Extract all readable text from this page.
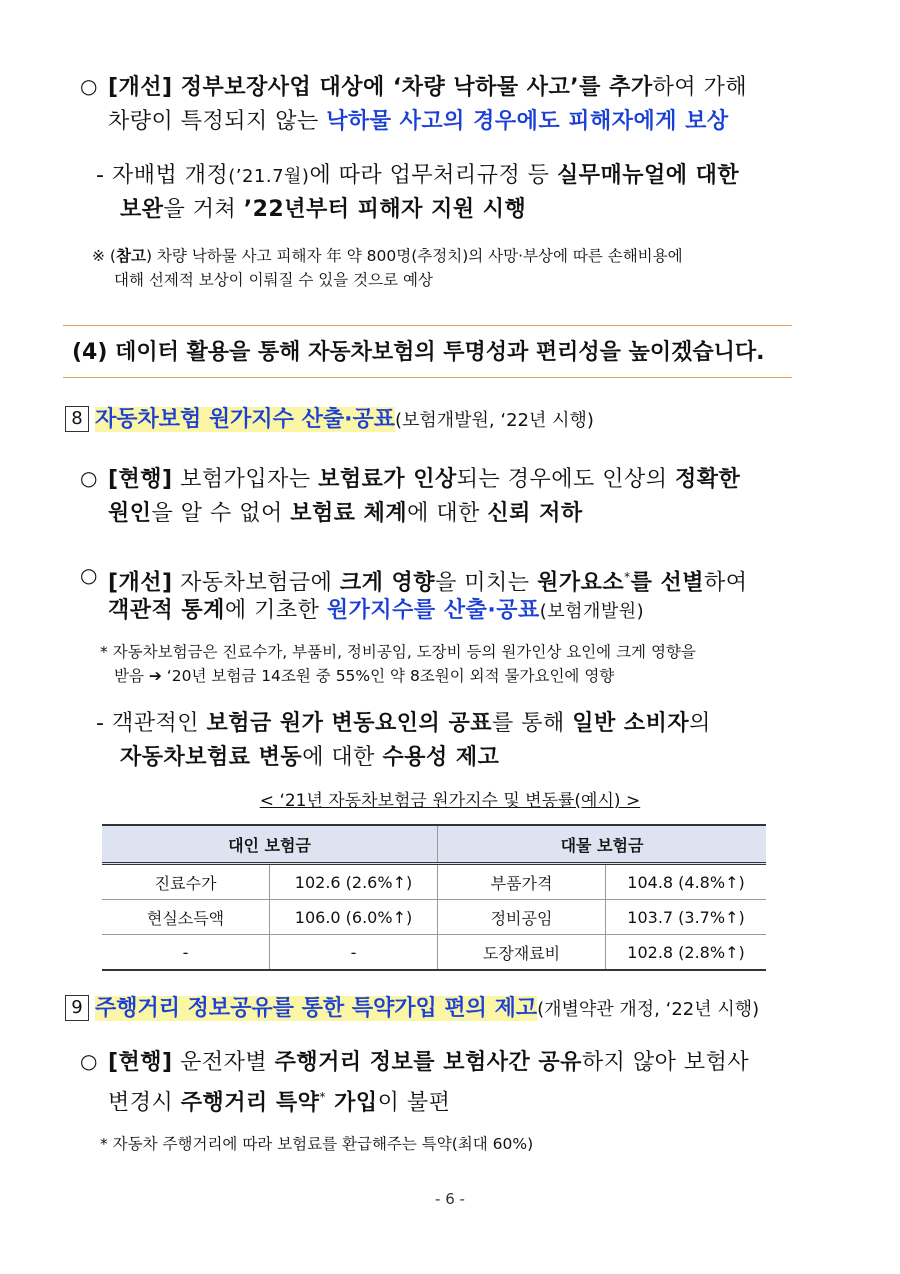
○ [개선] 정부보장사업 대상에 ‘차량 낙하물 사고’를 추가하여 가해
차량이 특정되지 않는 낙하물 사고의 경우에도 피해자에게 보상
- 자배법 개정(’21.7월)에 따라 업무처리규정 등 실무매뉴얼에 대한
보완을 거쳐 ’22년부터 피해자 지원 시행
※ (참고) 차량 낙하물 사고 피해자 年 약 800명(추정치)의 사망·부상에 따른 손해비용에
대해 선제적 보상이 이뤄질 수 있을 것으로 예상
(4) 데이터 활용을 통해 자동차보험의 투명성과 편리성을 높이겠습니다.
8 자동차보험 원가지수 산출·공표(보험개발원, ‘22년 시행)
○ [현행] 보험가입자는 보험료가 인상되는 경우에도 인상의 정확한
원인을 알 수 없어 보험료 체계에 대한 신뢰 저하
○ [개선] 자동차보험금에 크게 영향을 미치는 원가요소*를 선별하여
객관적 통계에 기초한 원가지수를 산출·공표(보험개발원)
* 자동차보험금은 진료수가, 부품비, 정비공임, 도장비 등의 원가인상 요인에 크게 영향을
받음 ➔ ‘20년 보험금 14조원 중 55%인 약 8조원이 외적 물가요인에 영향
- 객관적인 보험금 원가 변동요인의 공표를 통해 일반 소비자의
자동차보험료 변동에 대한 수용성 제고
< ‘21년 자동차보험금 원가지수 및 변동률(예시) >
대인 보험금		대물 보험금	
진료수가	102.6 (2.6%↑)	부품가격	104.8 (4.8%↑)
현실소득액	106.0 (6.0%↑)	정비공임	103.7 (3.7%↑)
-	-	도장재료비	102.8 (2.8%↑)
9 주행거리 정보공유를 통한 특약가입 편의 제고(개별약관 개정, ‘22년 시행)
○ [현행] 운전자별 주행거리 정보를 보험사간 공유하지 않아 보험사
변경시 주행거리 특약* 가입이 불편
* 자동차 주행거리에 따라 보험료를 환급해주는 특약(최대 60%)
- 6 -
